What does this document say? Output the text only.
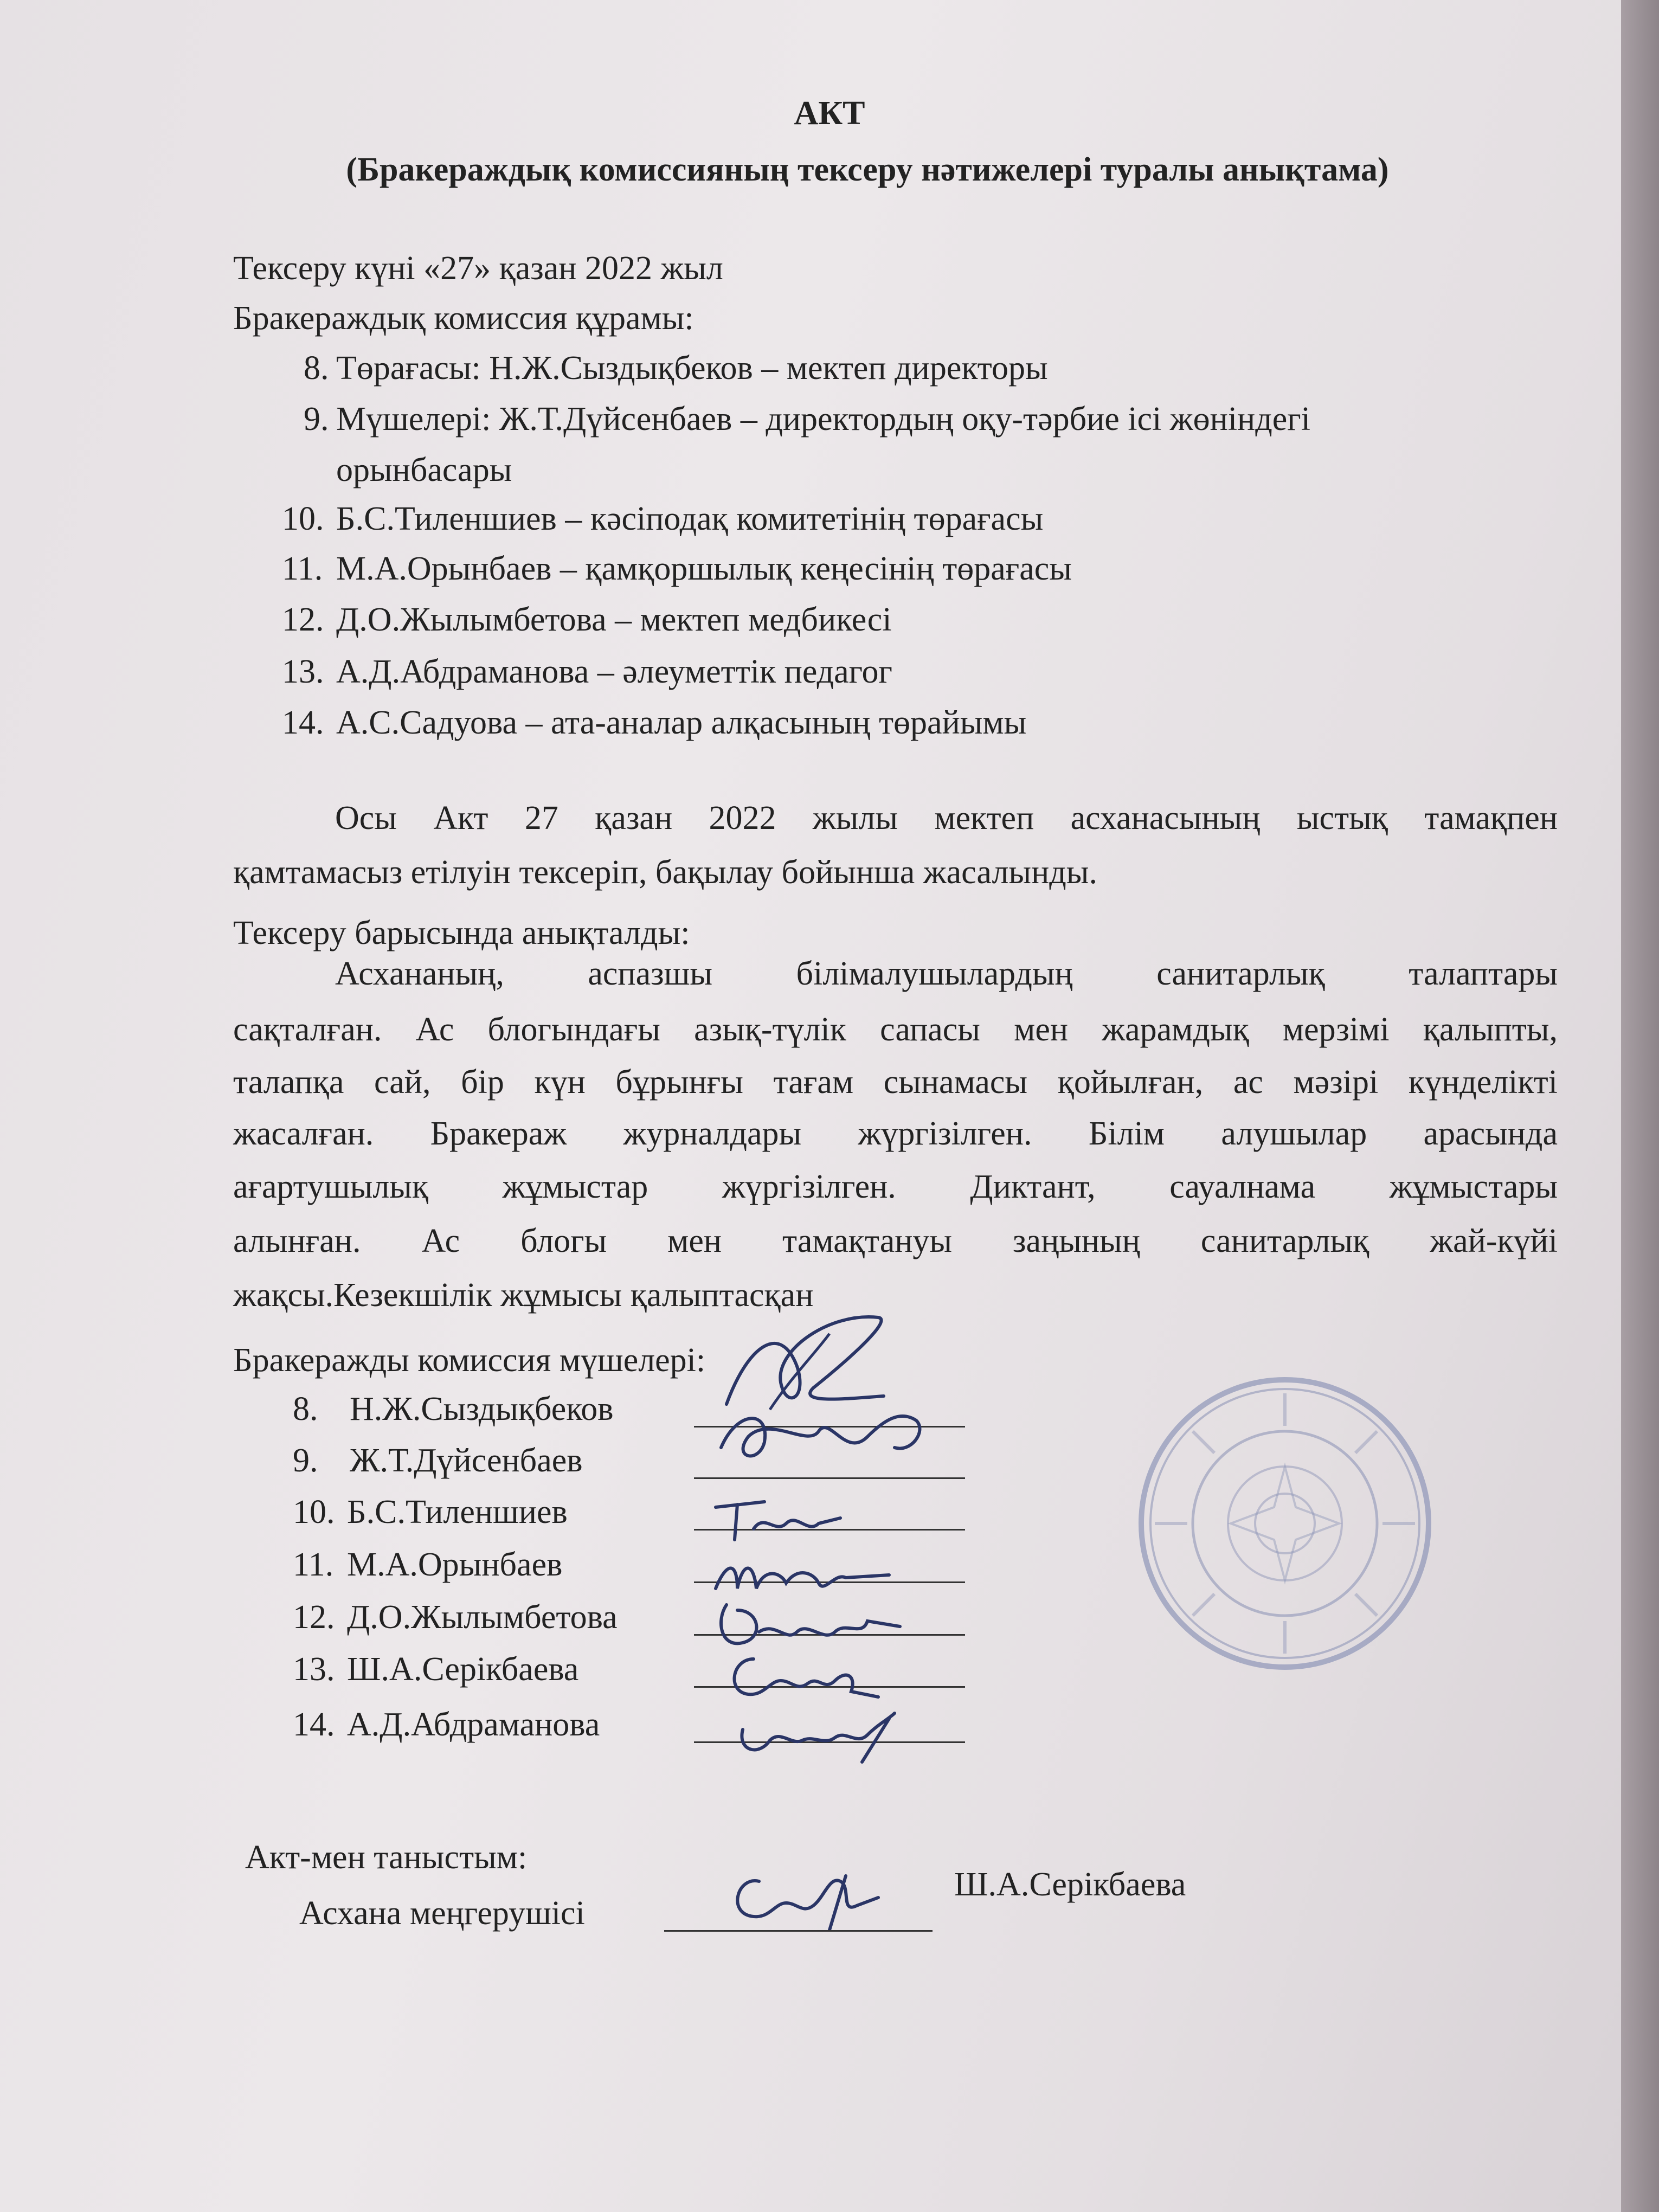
АКТ
(Бракераждық комиссияның тексеру нәтижелері туралы анықтама)
Тексеру күні «27» қазан 2022 жыл
Бракераждық комиссия құрамы:
8. Төрағасы: Н.Ж.Сыздықбеков – мектеп директоры
9. Мүшелері: Ж.Т.Дүйсенбаев – директордың оқу-тәрбие ісі жөніндегі
орынбасары
10. Б.С.Тиленшиев – кәсіподақ комитетінің төрағасы
11. М.А.Орынбаев – қамқоршылық кеңесінің төрағасы
12. Д.О.Жылымбетова – мектеп медбикесі
13. А.Д.Абдраманова – әлеуметтік педагог
14. А.С.Садуова – ата-аналар алқасының төрайымы
Осы Акт 27 қазан 2022 жылы мектеп асханасының ыстық тамақпен
қамтамасыз етілуін тексеріп, бақылау бойынша жасалынды.
Тексеру барысында анықталды:
Асхананың, аспазшы білімалушылардың санитарлық талаптары
сақталған. Ас блогындағы азық-түлік сапасы мен жарамдық мерзімі қалыпты,
талапқа сай, бір күн бұрынғы тағам сынамасы қойылған, ас мәзірі күнделікті
жасалған. Бракераж журналдары жүргізілген. Білім алушылар арасында
ағартушылық жұмыстар жүргізілген. Диктант, сауалнама жұмыстары
алынған. Ас блогы мен тамақтануы заңының санитарлық жай-күйі
жақсы.Кезекшілік жұмысы қалыптасқан
Бракеражды комиссия мүшелері:
8. Н.Ж.Сыздықбеков
9. Ж.Т.Дүйсенбаев
10. Б.С.Тиленшиев
11. М.А.Орынбаев
12. Д.О.Жылымбетова
13. Ш.А.Серікбаева
14. А.Д.Абдраманова
Акт-мен таныстым:
Асхана меңгерушісі
Ш.А.Серікбаева
